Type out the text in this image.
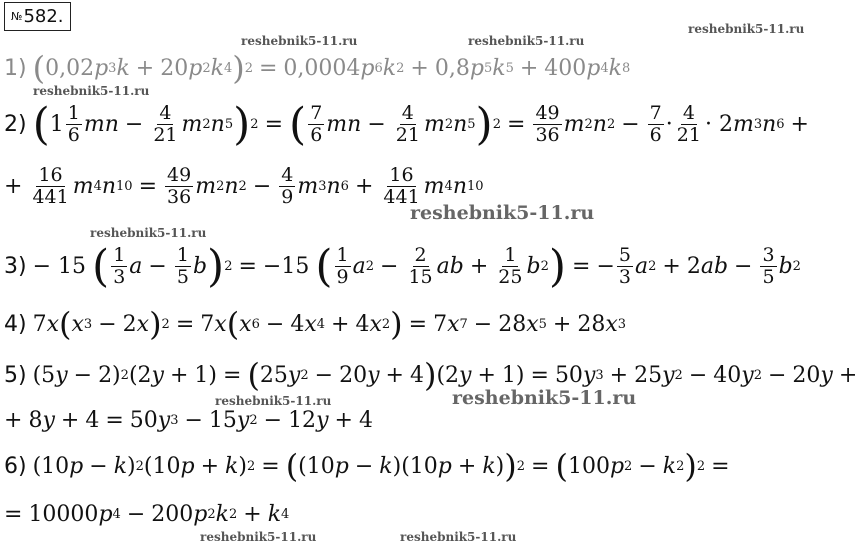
№582.
reshebnik5-11.ru
reshebnik5-11.ru	reshebnik5-11.ru
reshebnik5-11.ru
reshebnik5-11.ru
reshebnik5-11.ru
reshebnik5-11.ru
reshebnik5-11.ru
reshebnik5-11.ru	reshebnik5-11.ru
1) ( 0,02 p 3 k + 20 p 2 k 4 ) 2 = 0,0004 p 6 k 2 + 0,8 p 5 k 5 + 400 p 4 k 8
2) ( $1 \frac{1}{6}$ mn − $\frac{4}{21}$ m 2 n 5 ) 2 = ( $\frac{7}{6}$ mn − $\frac{4}{21}$ m 2 n 5 ) $2 = \frac{49}{36}$ m 2 n $2 - \frac{7}{6} \cdot \frac{4}{21} \cdot 2$ m 3 n 6 +
+ $\frac{16}{441}$ m 4 n $10 = \frac{49}{36}$ m 2 n $2 - \frac{4}{9}$ m 3 n $6 + \frac{16}{441}$ m 4 n 10
3) − 15 ( $\frac{1}{3}$ $a - \frac{1}{5}$ b ) 2 = −15 ( $\frac{1}{9}$ a $2 - \frac{2}{15}$ ab + $\frac{1}{25}$ b 2 ) = − $\frac{5}{3}$ a 2 + 2 ab − $\frac{3}{5}$ b 2
4) 7 x ( x 3 − 2 x ) 2 = 7 x ( x 6 − 4 x 4 + 4 x 2 ) = 7 x 7 − 28 x 5 + 28 x 3
5) (5 y − 2) 2 (2 y + 1) = ( 25 y 2 − 20 y + 4 ) (2 y + 1) = 50 y 3 + 25 y 2 − 40 y 2 − 20 y +
+ 8 y + 4 = 50 y 3 − 15 y 2 − 12 y + 4
6) (10 p − k ) 2 (10 p + k ) 2 = ( (10 p − k )(10 p + k ) ) 2 = ( 100 p 2 − k 2 ) 2 =
= 10000 p 4 − 200 p 2 k 2 + k 4
